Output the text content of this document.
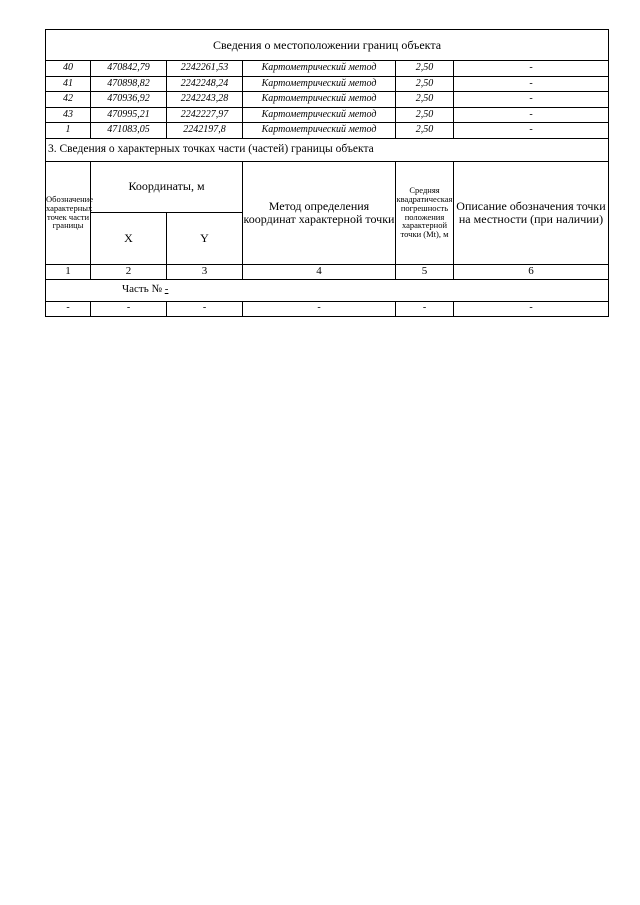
Сведения о местоположении границ объекта					
40	470842,79	2242261,53	Картометрический метод	2,50	-
41	470898,82	2242248,24	Картометрический метод	2,50	-
42	470936,92	2242243,28	Картометрический метод	2,50	-
43	470995,21	2242227,97	Картометрический метод	2,50	-
1	471083,05	2242197,8	Картометрический метод	2,50	-
3. Сведения о характерных точках части (частей) границы объекта					
Обозначение характерных точек части границы	Координаты, м		Метод определения координат характерной точки	Средняя квадратическая погрешность положения характерной точки (Мt), м	Описание обозначения точки на местности (при наличии)
	X	Y			
1	2	3	4	5	6
Часть № -					
-	-	-	-	-	-
